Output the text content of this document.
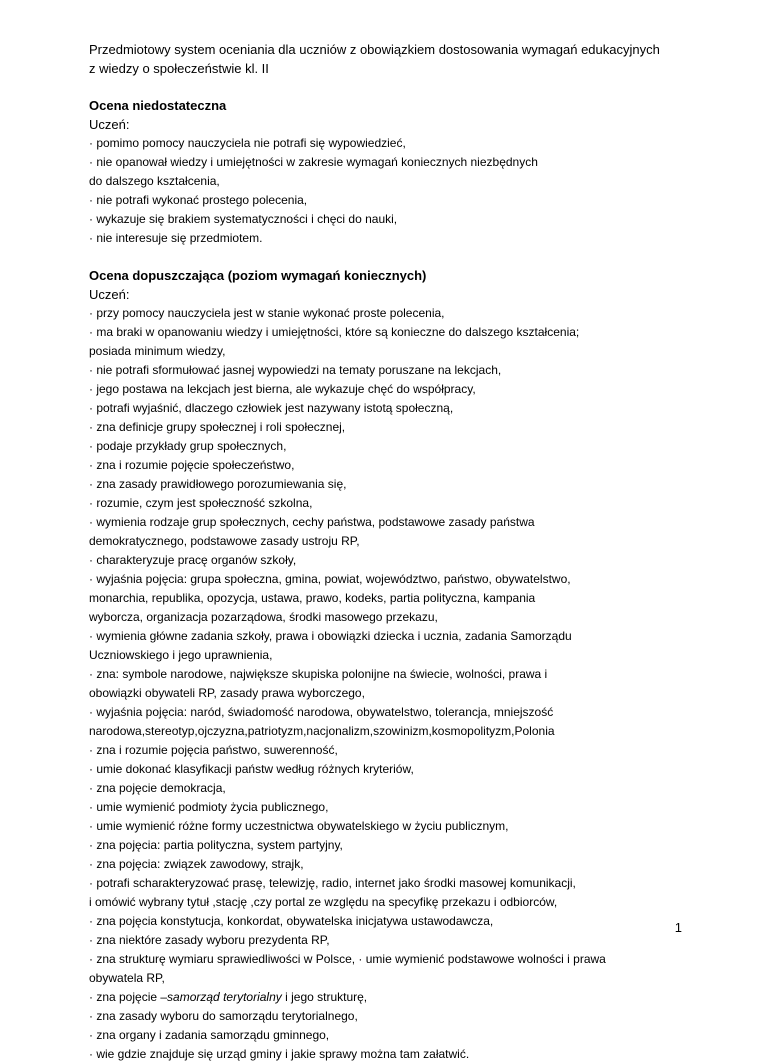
Przedmiotowy system oceniania dla uczniów z obowiązkiem dostosowania wymagań edukacyjnych

z wiedzy o społeczeństwie kl. II

Ocena niedostateczna

Uczeń:

· pomimo pomocy nauczyciela nie potrafi się wypowiedzieć,

· nie opanował wiedzy i umiejętności w zakresie wymagań koniecznych niezbędnych

do dalszego kształcenia,

· nie potrafi wykonać prostego polecenia,

· wykazuje się brakiem systematyczności i chęci do nauki,

· nie interesuje się przedmiotem.

Ocena dopuszczająca (poziom wymagań koniecznych)

Uczeń:

· przy pomocy nauczyciela jest w stanie wykonać proste polecenia,

· ma braki w opanowaniu wiedzy i umiejętności, które są konieczne do dalszego kształcenia;

posiada minimum wiedzy,

· nie potrafi sformułować jasnej wypowiedzi na tematy poruszane na lekcjach,

· jego postawa na lekcjach jest bierna, ale wykazuje chęć do współpracy,

· potrafi wyjaśnić, dlaczego człowiek jest nazywany istotą społeczną,

· zna definicje grupy społecznej i roli społecznej,

· podaje przykłady grup społecznych,

· zna i rozumie pojęcie społeczeństwo,

· zna zasady prawidłowego porozumiewania się,

· rozumie, czym jest społeczność szkolna,

· wymienia rodzaje grup społecznych, cechy państwa, podstawowe zasady państwa

demokratycznego, podstawowe zasady ustroju RP,

· charakteryzuje pracę organów szkoły,

· wyjaśnia pojęcia: grupa społeczna, gmina, powiat, województwo, państwo, obywatelstwo,

monarchia, republika, opozycja, ustawa, prawo, kodeks, partia polityczna, kampania

wyborcza, organizacja pozarządowa, środki masowego przekazu,

· wymienia główne zadania szkoły, prawa i obowiązki dziecka i ucznia, zadania Samorządu

Uczniowskiego i jego uprawnienia,

· zna: symbole narodowe, największe skupiska polonijne na świecie, wolności, prawa i

obowiązki obywateli RP, zasady prawa wyborczego,

· wyjaśnia pojęcia: naród, świadomość narodowa, obywatelstwo, tolerancja, mniejszość

narodowa,stereotyp,ojczyzna,patriotyzm,nacjonalizm,szowinizm,kosmopolityzm,Polonia

· zna i rozumie pojęcia państwo, suwerenność,

· umie dokonać klasyfikacji państw według różnych kryteriów,

· zna pojęcie demokracja,

· umie wymienić podmioty życia publicznego,

· umie wymienić różne formy uczestnictwa obywatelskiego w życiu publicznym,

· zna pojęcia: partia polityczna, system partyjny,

· zna pojęcia: związek zawodowy, strajk,

· potrafi scharakteryzować prasę, telewizję, radio, internet jako środki masowej komunikacji,

i omówić wybrany tytuł ,stację ,czy portal ze względu na specyfikę przekazu i odbiorców,

· zna pojęcia konstytucja, konkordat, obywatelska inicjatywa ustawodawcza,

· zna niektóre zasady wyboru prezydenta RP,

· zna strukturę wymiaru sprawiedliwości w Polsce, · umie wymienić podstawowe wolności i prawa

obywatela RP,

· zna pojęcie –samorząd terytorialny i jego strukturę,

· zna zasady wyboru do samorządu terytorialnego,

· zna organy i zadania samorządu gminnego,

· wie gdzie znajduje się urząd gminy i jakie sprawy można tam załatwić.

1
